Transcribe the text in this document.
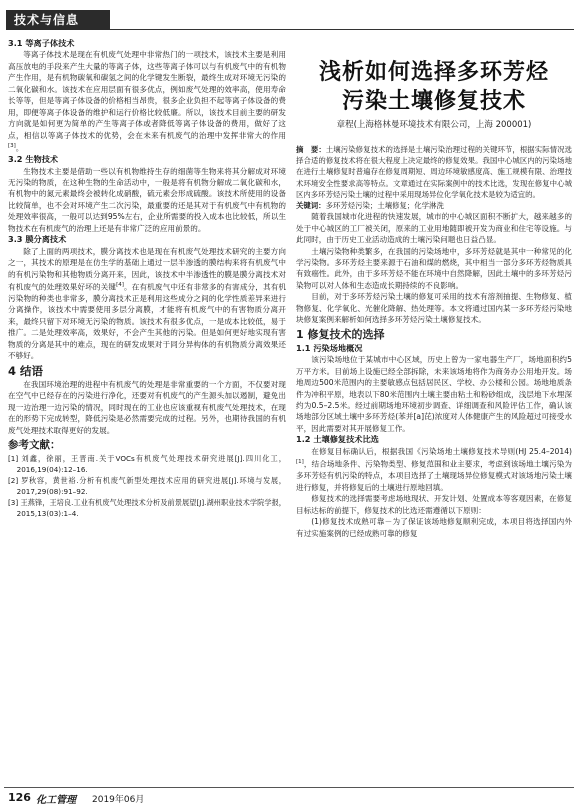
技术与信息
3.1 等离子体技术

等离子体技术是现在有机废气处理中非常热门的一项技术，该技术主要是利用高压放电的手段来产生大量的等离子体，这些等离子体可以与有机废气中的有机物产生作用，是有机物碳氧和碳氢之间的化学键发生断裂，最终生成对环境无污染的二氧化碳和水。该技术在应用层面有很多优点，例如废气处理的效率高，使用寿命长等等，但是等离子体设备的价格相当昂贵，很多企业负担不起等离子体设备的费用，即便等离子体设备的维护和运行价格比较低廉。所以，该技术目前主要的研发方向就是如何更为简单的产生等离子体或者降低等离子体设备的费用，做好了这点，相信以等离子体技术的优势，会在未来有机废气的治理中发挥非常大的作用[3]。

3.2 生物技术

生物技术主要是借助一些以有机物维持生存的细菌等生物来将其分解成对环境无污染的物质，在这种生物的生命活动中，一般是将有机物分解成二氧化碳和水，有机物中的氮元素最终会被转化成硝酸，硫元素会形成硫酸。该技术所使用的设备比较简单，也不会对环境产生二次污染，最重要的还是其对于有机废气中有机物的处理效率很高，一般可以达到95%左右，企业所需要的投入成本也比较低，所以生物技术在有机废气的治理上还是有非常广泛的应用前景的。

3.3 膜分离技术

除了上面的两项技术，膜分离技术也是现在有机废气处理技术研究的主要方向之一，其技术的原理是在仿生学的基础上通过一层半渗透的膜结构来将有机废气中的有机污染物和其他物质分离开来，因此，该技术中半渗透性的膜是膜分离技术对有机废气的处理效果好坏的关键[4]。在有机废气中还有非常多的有害成分，其有机污染物的种类也非常多，膜分离技术正是利用这些成分之间的化学性质差异来进行分离操作，该技术中需要使用多层分离膜，才能将有机废气中的有害物质分离开来，最终只留下对环境无污染的物质。该技术有很多优点，一是成本比较低，易于推广。二是处理效率高，效果好，不会产生其他的污染。但是如何更好地实现有害物质的分离是其中的难点，现在的研发成果对于同分异构体的有机物质分离效果还不够好。

4 结语

在我国环境治理的进程中有机废气的处理是非常重要的一个方面，不仅要对现在空气中已经存在的污染进行净化，还要对有机废气的产生源头加以遏制，避免出现一边治理一边污染的情况，同时现在的工业也应该重视有机废气处理技术，在现在的形势下完成转型，降低污染是必然需要完成的过程。另外，也期待我国的有机废气处理技术取得更好的发展。

参考文献：
[1] 刘鑫，徐丽，王晋南.关于VOCs有机废气处理技术研究进展[J].四川化工，2016,19(04):12–16.
[2] 罗秋容，黄世裕.分析有机废气新型处理技术应用的研究进展[J].环境与发展，2017,29(08):91–92.
[3] 王燕锋，王培良.工业有机废气处理技术分析及前景展望[J].湖州职业技术学院学报，2015,13(03):1–4.
浅析如何选择多环芳烃
污染土壤修复技术
章程(上海格林曼环境技术有限公司，上海 200001)
摘　要：土壤污染修复技术的选择是土壤污染治理过程的关键环节，根据实际情况选择合适的修复技术将在很大程度上决定最终的修复效果。我国中心城区内的污染场地在进行土壤修复时普遍存在修复周期短、周边环境敏感度高、施工规模有限、治理技术环境安全性要求高等特点。文章通过在实际案例中的技术比选，发现在修复中心城区内多环芳烃污染土壤的过程中采用现场异位化学氧化技术是较为适宜的。
关键词：多环芳烃污染；土壤修复；化学淋洗

随着我国城市化进程的快速发展，城市的中心城区面积不断扩大，越来越多的处于中心城区的工厂被关闭，原来的工业用地随即被开发为商业和住宅等设施。与此同时，由于历史工业活动造成的土壤污染问题也日益凸显。

土壤污染物种类繁多，在我国的污染场地中，多环芳烃就是其中一种常见的化学污染物。多环芳烃主要来源于石油和煤的燃烧，其中相当一部分多环芳烃物质具有致癌性。此外，由于多环芳烃不能在环境中自然降解，因此土壤中的多环芳烃污染物可以对人体和生态造成长期持续的不良影响。

目前，对于多环芳烃污染土壤的修复可采用的技术有溶剂抽提、生物修复、植物修复、化学氧化、光催化降解、热处理等。本文将通过国内某一多环芳烃污染地块修复案例来解析如何选择多环芳烃污染土壤修复技术。

1 修复技术的选择
1.1 污染场地概况

该污染场地位于某城市中心区域，历史上曾为一家电器生产厂，场地面积约5万平方米。目前场上设施已经全部拆除，未来该场地将作为商务办公用地开发。场地周边500米范围内的主要敏感点包括居民区、学校、办公楼和公园。场地地质条件为冲积平原，地表以下80米范围内土壤主要由粘土和粉砂组成，浅层地下水埋深约为0.5–2.5米。经过前期场地环境初步调查、详细调查和风险评估工作，确认该场地部分区域土壤中多环芳烃(苯并[a]芘)浓度对人体健康产生的风险超过可接受水平，因此需要对其开展修复工作。

1.2 土壤修复技术比选

在修复目标确认后，根据我国《污染场地土壤修复技术导则(HJ 25.4–2014)[1]，结合场地条件、污染物类型、修复范围和业主要求，考虑到该场地土壤污染为多环芳烃有机污染的特点，本项目选择了土壤现场异位修复模式对该场地污染土壤进行修复，并将修复后的土壤进行原地回填。

修复技术的选择需要考虑场地现状、开发计划、处置成本等客观因素，在修复目标达标的前提下，修复技术的比选还需遵循以下原则：

(1)修复技术成熟可靠－为了保证该场地修复顺利完成，本项目将选择国内外有过实施案例的已经成熟可靠的修复

126 化工管理 2019年06月
